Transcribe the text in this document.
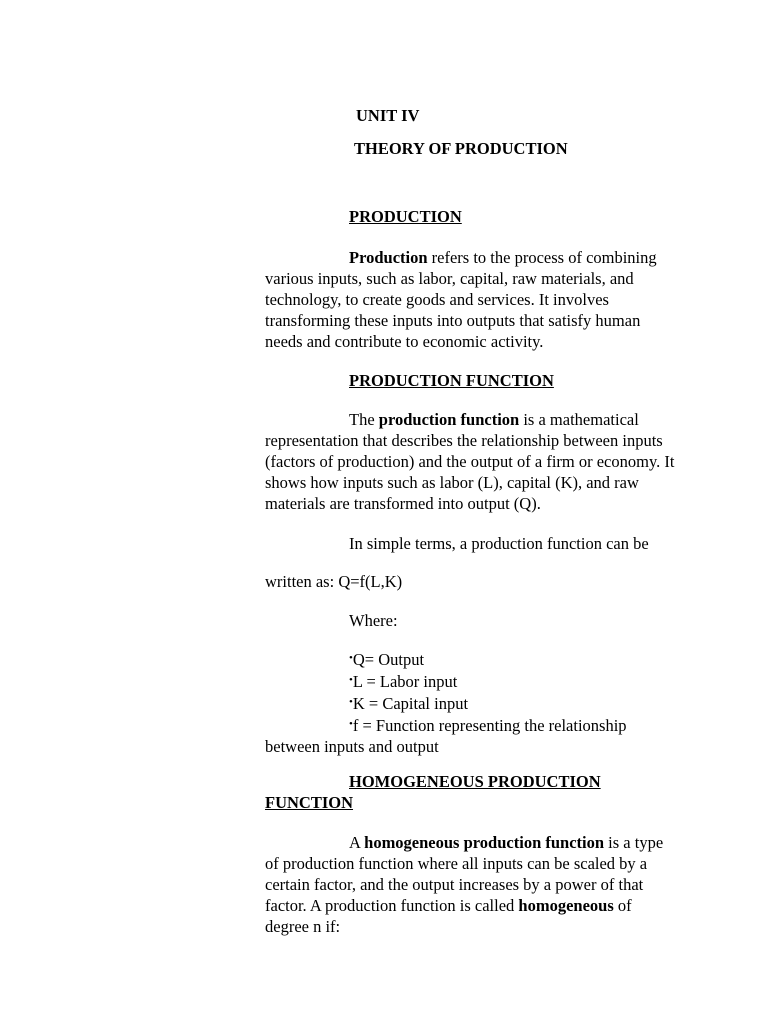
UNIT IV
THEORY OF PRODUCTION

PRODUCTION

Production refers to the process of combining various inputs, such as labor, capital, raw materials, and technology, to create goods and services. It involves transforming these inputs into outputs that satisfy human needs and contribute to economic activity.

PRODUCTION FUNCTION

The production function is a mathematical representation that describes the relationship between inputs (factors of production) and the output of a firm or economy. It shows how inputs such as labor (L), capital (K), and raw materials are transformed into output (Q).

In simple terms, a production function can be

written as: Q=f(L,K)

Where:

•Q= Output

•L = Labor input

•K = Capital input

•f = Function representing the relationship between inputs and output

HOMOGENEOUS PRODUCTION FUNCTION

A homogeneous production function is a type of production function where all inputs can be scaled by a certain factor, and the output increases by a power of that factor. A production function is called homogeneous of degree n if:
